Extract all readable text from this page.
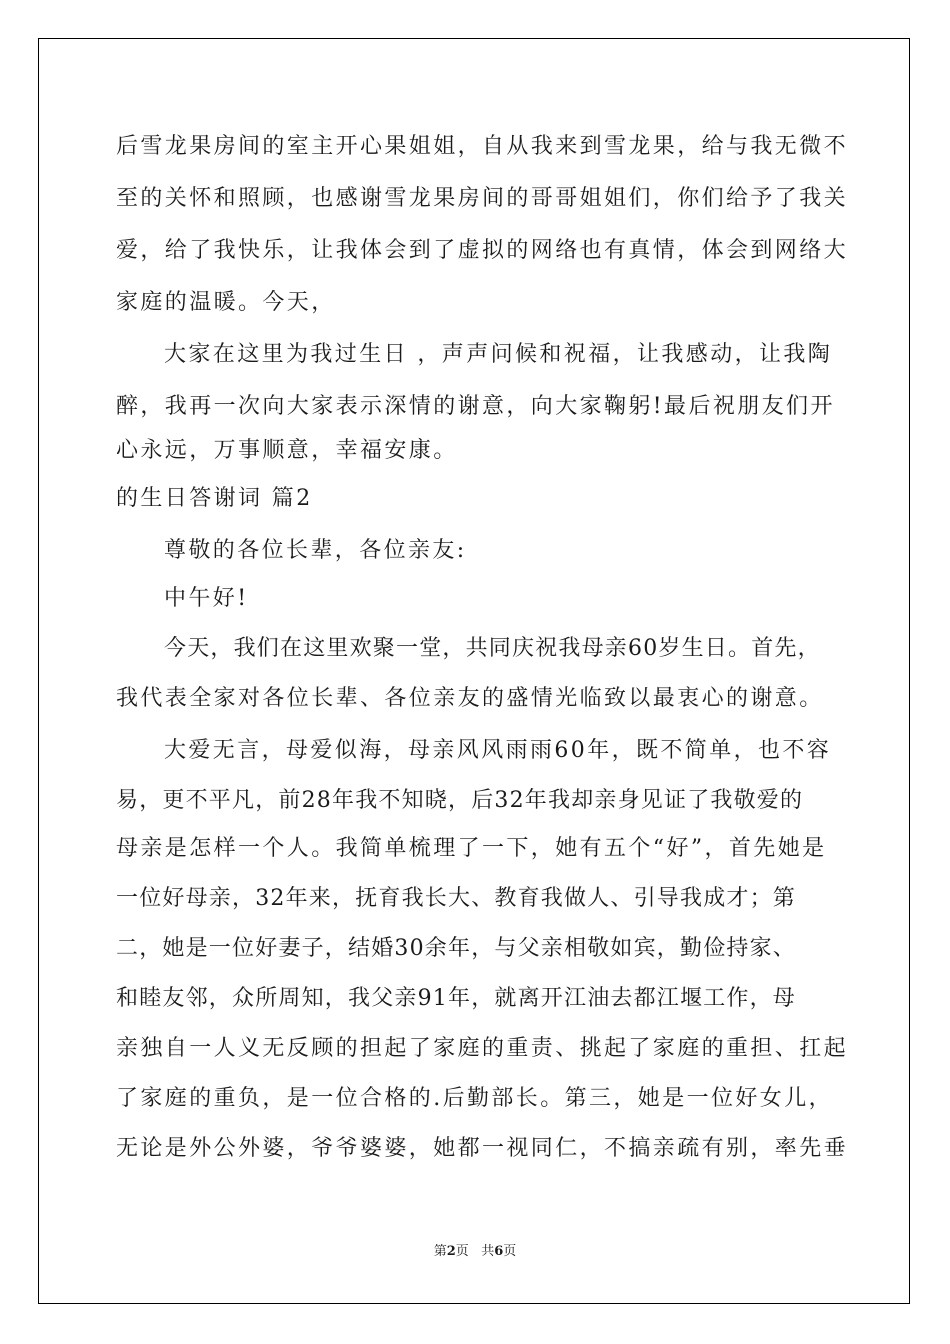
后雪龙果房间的室主开心果姐姐，自从我来到雪龙果，给与我无微不

至的关怀和照顾，也感谢雪龙果房间的哥哥姐姐们，你们给予了我关

爱，给了我快乐，让我体会到了虚拟的网络也有真情，体会到网络大

家庭的温暖。今天，

大家在这里为我过生日 ，声声问候和祝福，让我感动，让我陶

醉，我再一次向大家表示深情的谢意，向大家鞠躬!最后祝朋友们开

心永远，万事顺意，幸福安康。

的生日答谢词 篇2

尊敬的各位长辈，各位亲友:

中午好!

今天，我们在这里欢聚一堂，共同庆祝我母亲60岁生日。首先，

我代表全家对各位长辈、各位亲友的盛情光临致以最衷心的谢意。

大爱无言，母爱似海，母亲风风雨雨60年，既不简单，也不容

易，更不平凡，前28年我不知晓，后32年我却亲身见证了我敬爱的

母亲是怎样一个人。我简单梳理了一下，她有五个“好”，首先她是

一位好母亲，32年来，抚育我长大、教育我做人、引导我成才；第

二，她是一位好妻子，结婚30余年，与父亲相敬如宾，勤俭持家、

和睦友邻，众所周知，我父亲91年，就离开江油去都江堰工作，母

亲独自一人义无反顾的担起了家庭的重责、挑起了家庭的重担、扛起

了家庭的重负，是一位合格的.后勤部长。第三，她是一位好女儿，

无论是外公外婆，爷爷婆婆，她都一视同仁，不搞亲疏有别，率先垂

第2页 共6页
